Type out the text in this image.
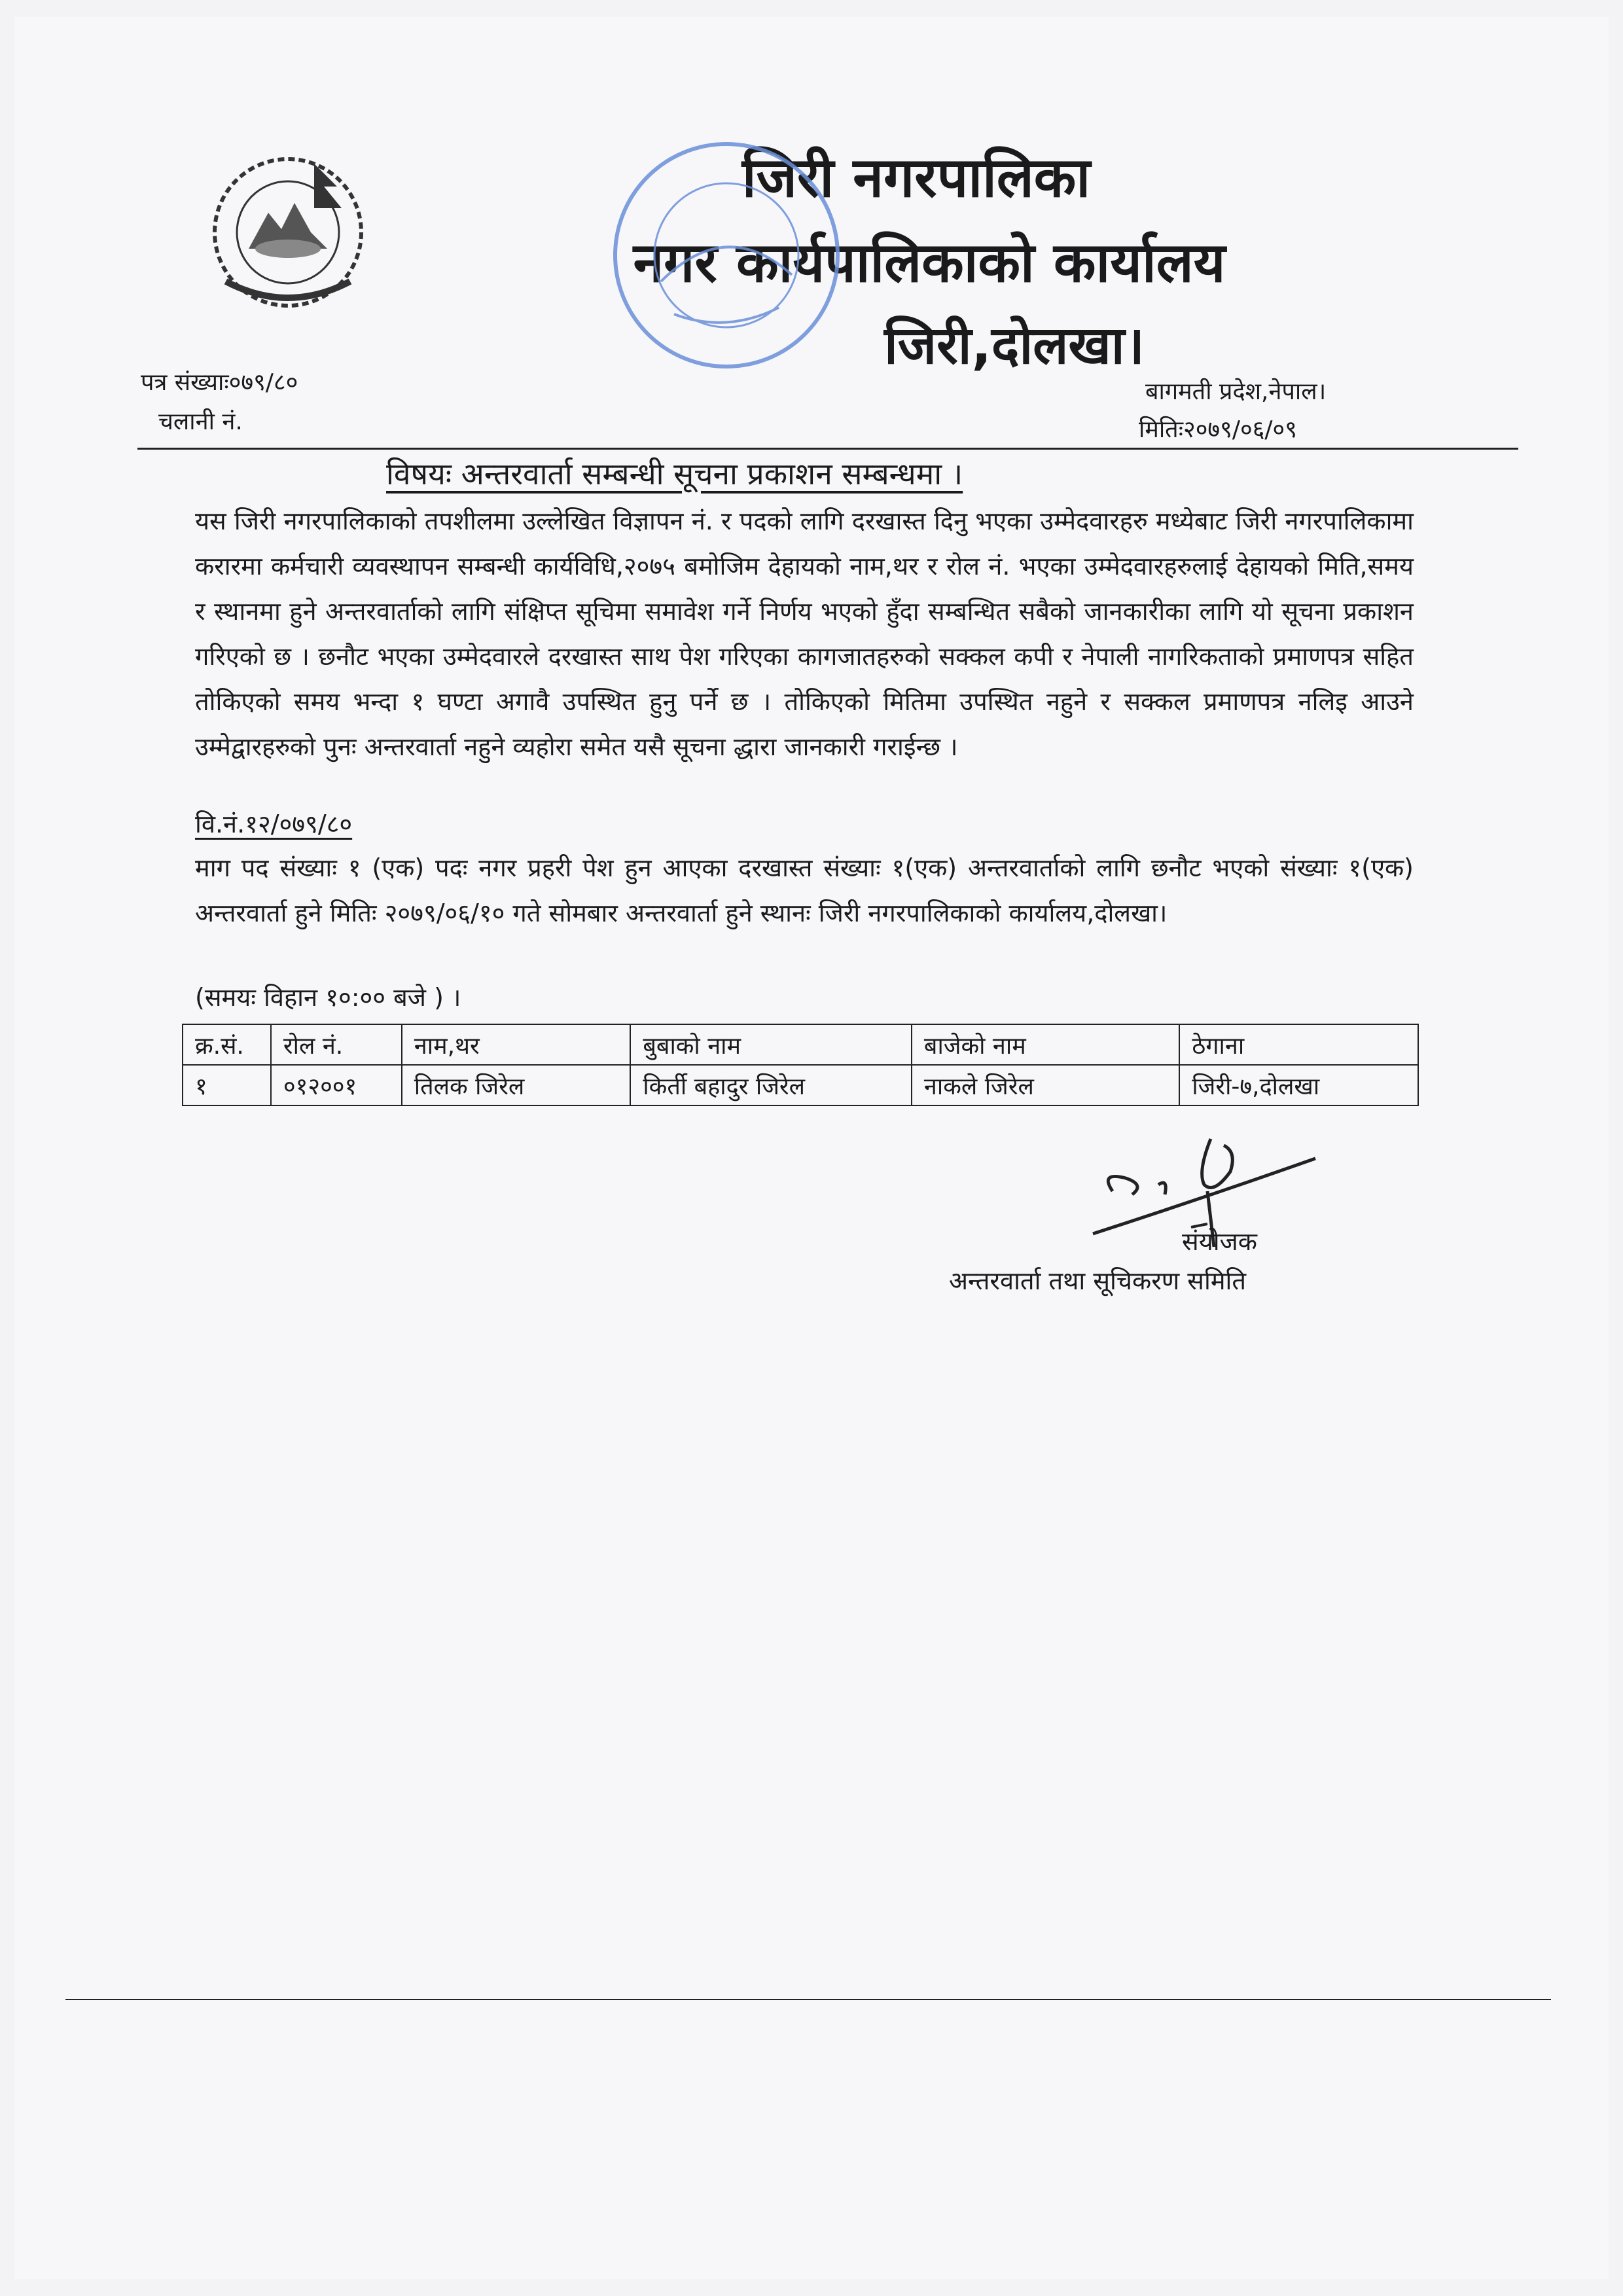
जिरी नगरपालिका
नगर कार्यपालिकाको कार्यालय
जिरी,दोलखा।
पत्र संख्याः०७९/८०
चलानी नं.
बागमती प्रदेश,नेपाल।
मितिः२०७९/०६/०९
विषयः अन्तरवार्ता सम्बन्धी सूचना प्रकाशन सम्बन्धमा ।
यस जिरी नगरपालिकाको तपशीलमा उल्लेखित विज्ञापन नं. र पदको लागि दरखास्त दिनु भएका उम्मेदवारहरु मध्येबाट जिरी नगरपालिकामा करारमा कर्मचारी व्यवस्थापन सम्बन्धी कार्यविधि,२०७५ बमोजिम देहायको नाम,थर र रोल नं. भएका उम्मेदवारहरुलाई देहायको मिति,समय र स्थानमा हुने अन्तरवार्ताको लागि संक्षिप्त सूचिमा समावेश गर्ने निर्णय भएको हुँदा सम्बन्धित सबैको जानकारीका लागि यो सूचना प्रकाशन गरिएको छ । छनौट भएका उम्मेदवारले दरखास्त साथ पेश गरिएका कागजातहरुको सक्कल कपी र नेपाली नागरिकताको प्रमाणपत्र सहित तोकिएको समय भन्दा १ घण्टा अगावै उपस्थित हुनु पर्ने छ । तोकिएको मितिमा उपस्थित नहुने र सक्कल प्रमाणपत्र नलिइ आउने उम्मेद्वारहरुको पुनः अन्तरवार्ता नहुने व्यहोरा समेत यसै सूचना द्धारा जानकारी गराईन्छ ।
वि.नं.१२/०७९/८०
माग पद संख्याः १ (एक) पदः नगर प्रहरी पेश हुन आएका दरखास्त संख्याः १(एक) अन्तरवार्ताको लागि छनौट भएको संख्याः १(एक) अन्तरवार्ता हुने मितिः २०७९/०६/१० गते सोमबार अन्तरवार्ता हुने स्थानः जिरी नगरपालिकाको कार्यालय,दोलखा।
(समयः विहान १०:०० बजे ) ।
क्र.सं.	रोल नं.	नाम,थर	बुबाको नाम	बाजेको नाम	ठेगाना
१	०१२००१	तिलक जिरेल	किर्ती बहादुर जिरेल	नाकले जिरेल	जिरी-७,दोलखा
संयोजक
अन्तरवार्ता तथा सूचिकरण समिति
